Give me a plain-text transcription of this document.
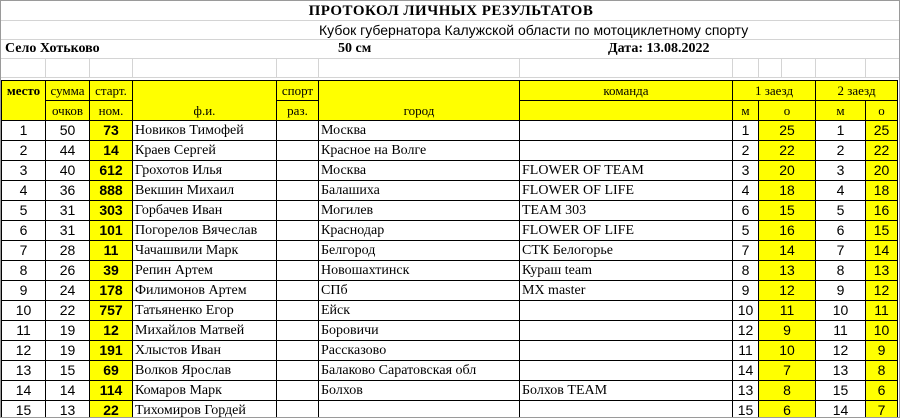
ПРОТОКОЛ ЛИЧНЫХ РЕЗУЛЬТАТОВ
Кубок губернатора Калужской области по мотоциклетному спорту
Село Хотьково	50 см	Дата: 13.08.2022
место	сумма	старт.	ф.и.	спорт	город	команда	1 заезд		2 заезд	
	очков	ном.		раз.			м	о	м	о
1	50	73	Новиков Тимофей		Москва		1	25	1	25
2	44	14	Краев Сергей		Красное на Волге		2	22	2	22
3	40	612	Грохотов Илья		Москва	FLOWER OF TEAM	3	20	3	20
4	36	888	Векшин Михаил		Балашиха	FLOWER OF LIFE	4	18	4	18
5	31	303	Горбачев Иван		Могилев	TEAM 303	6	15	5	16
6	31	101	Погорелов Вячеслав		Краснодар	FLOWER OF LIFE	5	16	6	15
7	28	11	Чачашвили Марк		Белгород	СТК Белогорье	7	14	7	14
8	26	39	Репин Артем		Новошахтинск	Кураш team	8	13	8	13
9	24	178	Филимонов Артем		СПб	MX master	9	12	9	12
10	22	757	Татьяненко Егор		Ейск		10	11	10	11
11	19	12	Михайлов Матвей		Боровичи		12	9	11	10
12	19	191	Хлыстов Иван		Рассказово		11	10	12	9
13	15	69	Волков Ярослав		Балаково Саратовская обл		14	7	13	8
14	14	114	Комаров Марк		Болхов	Болхов TEAM	13	8	15	6
15	13	22	Тихомиров Гордей				15	6	14	7
